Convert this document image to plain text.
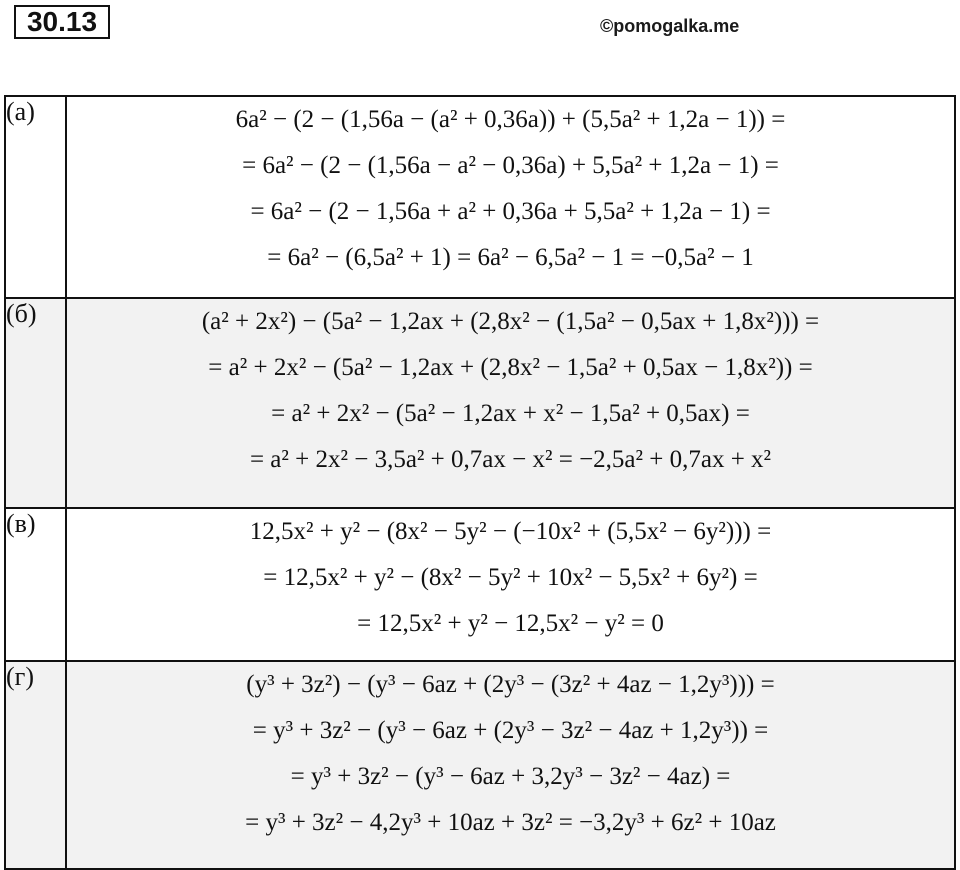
30.13	©pomogalka.me
(а)	6a² − (2 − (1,56a − (a² + 0,36a)) + (5,5a² + 1,2a − 1)) =
= 6a² − (2 − (1,56a − a² − 0,36a) + 5,5a² + 1,2a − 1) =
= 6a² − (2 − 1,56a + a² + 0,36a + 5,5a² + 1,2a − 1) =
= 6a² − (6,5a² + 1) = 6a² − 6,5a² − 1 = −0,5a² − 1

(б)	(a² + 2x²) − (5a² − 1,2ax + (2,8x² − (1,5a² − 0,5ax + 1,8x²))) =
= a² + 2x² − (5a² − 1,2ax + (2,8x² − 1,5a² + 0,5ax − 1,8x²)) =
= a² + 2x² − (5a² − 1,2ax + x² − 1,5a² + 0,5ax) =
= a² + 2x² − 3,5a² + 0,7ax − x² = −2,5a² + 0,7ax + x²

(в)	12,5x² + y² − (8x² − 5y² − (−10x² + (5,5x² − 6y²))) =
= 12,5x² + y² − (8x² − 5y² + 10x² − 5,5x² + 6y²) =
= 12,5x² + y² − 12,5x² − y² = 0

(г)	(y³ + 3z²) − (y³ − 6az + (2y³ − (3z² + 4az − 1,2y³))) =
= y³ + 3z² − (y³ − 6az + (2y³ − 3z² − 4az + 1,2y³)) =
= y³ + 3z² − (y³ − 6az + 3,2y³ − 3z² − 4az) =
= y³ + 3z² − 4,2y³ + 10az + 3z² = −3,2y³ + 6z² + 10az
